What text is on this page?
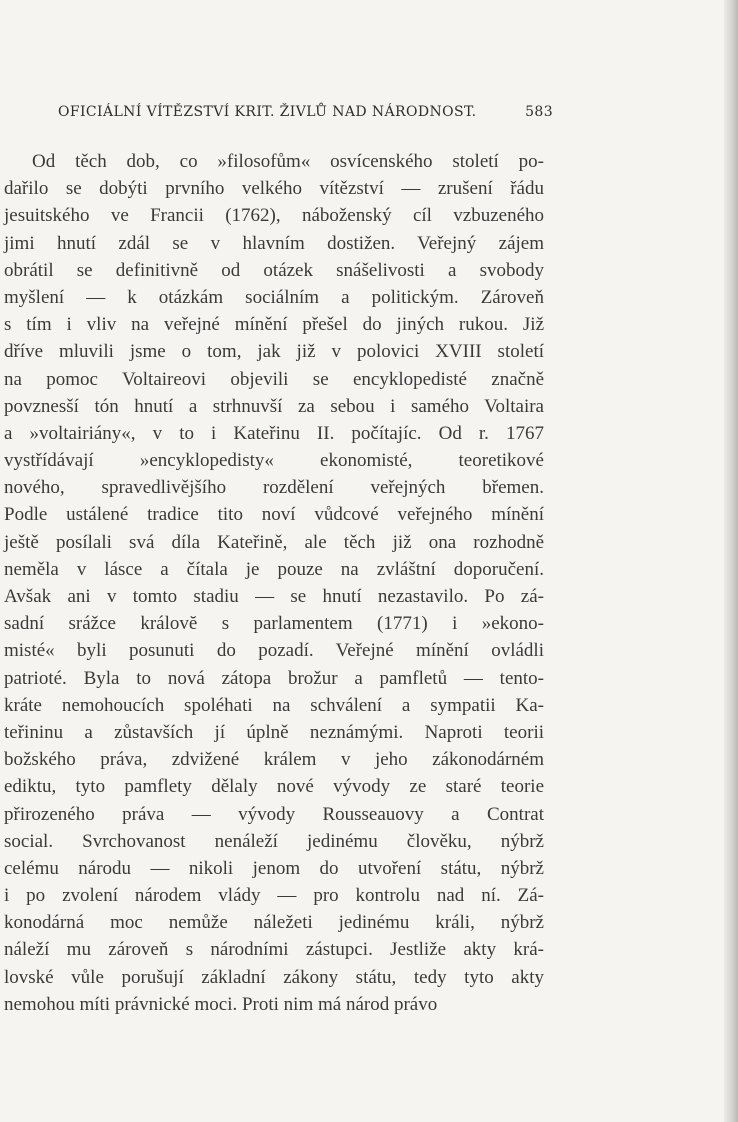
OFICIÁLNÍ VÍTĚZSTVÍ KRIT. ŽIVLŮ NAD NÁRODNOST.	583
Od těch dob, co »filosofům« osvícenského století po-
dařilo se dobýti prvního velkého vítězství — zrušení řádu
jesuitského ve Francii (1762), náboženský cíl vzbuzeného
jimi hnutí zdál se v hlavním dostižen. Veřejný zájem
obrátil se definitivně od otázek snášelivosti a svobody
myšlení — k otázkám sociálním a politickým. Zároveň
s tím i vliv na veřejné mínění přešel do jiných rukou. Již
dříve mluvili jsme o tom, jak již v polovici XVIII století
na pomoc Voltaireovi objevili se encyklopedisté značně
povznesší tón hnutí a strhnuvší za sebou i samého Voltaira
a »voltairiány«, v to i Kateřinu II. počítajíc. Od r. 1767
vystřídávají »encyklopedisty« ekonomisté, teoretikové
nového, spravedlivějšího rozdělení veřejných břemen.
Podle ustálené tradice tito noví vůdcové veřejného mínění
ještě posílali svá díla Kateřině, ale těch již ona rozhodně
neměla v lásce a čítala je pouze na zvláštní doporučení.
Avšak ani v tomto stadiu — se hnutí nezastavilo. Po zá-
sadní srážce královĕ s parlamentem (1771) i »ekono-
misté« byli posunuti do pozadí. Veřejné mínění ovládli
patrioté. Byla to nová zátopa brožur a pamfletů — tento-
kráte nemohoucích spoléhati na schválení a sympatii Ka-
teřininu a zůstavších jí úplně neznámými. Naproti teorii
božského práva, zdvižené králem v jeho zákonodárném
ediktu, tyto pamflety dělaly nové vývody ze staré teorie
přirozeného práva — vývody Rousseauovy a Contrat
social. Svrchovanost nenáleží jedinému člověku, nýbrž
celému národu — nikoli jenom do utvoření státu, nýbrž
i po zvolení národem vlády — pro kontrolu nad ní. Zá-
konodárná moc nemůže náležeti jedinému králi, nýbrž
náleží mu zároveň s národními zástupci. Jestliže akty krá-
lovské vůle porušují základní zákony státu, tedy tyto akty
nemohou míti právnické moci. Proti nim má národ právo
